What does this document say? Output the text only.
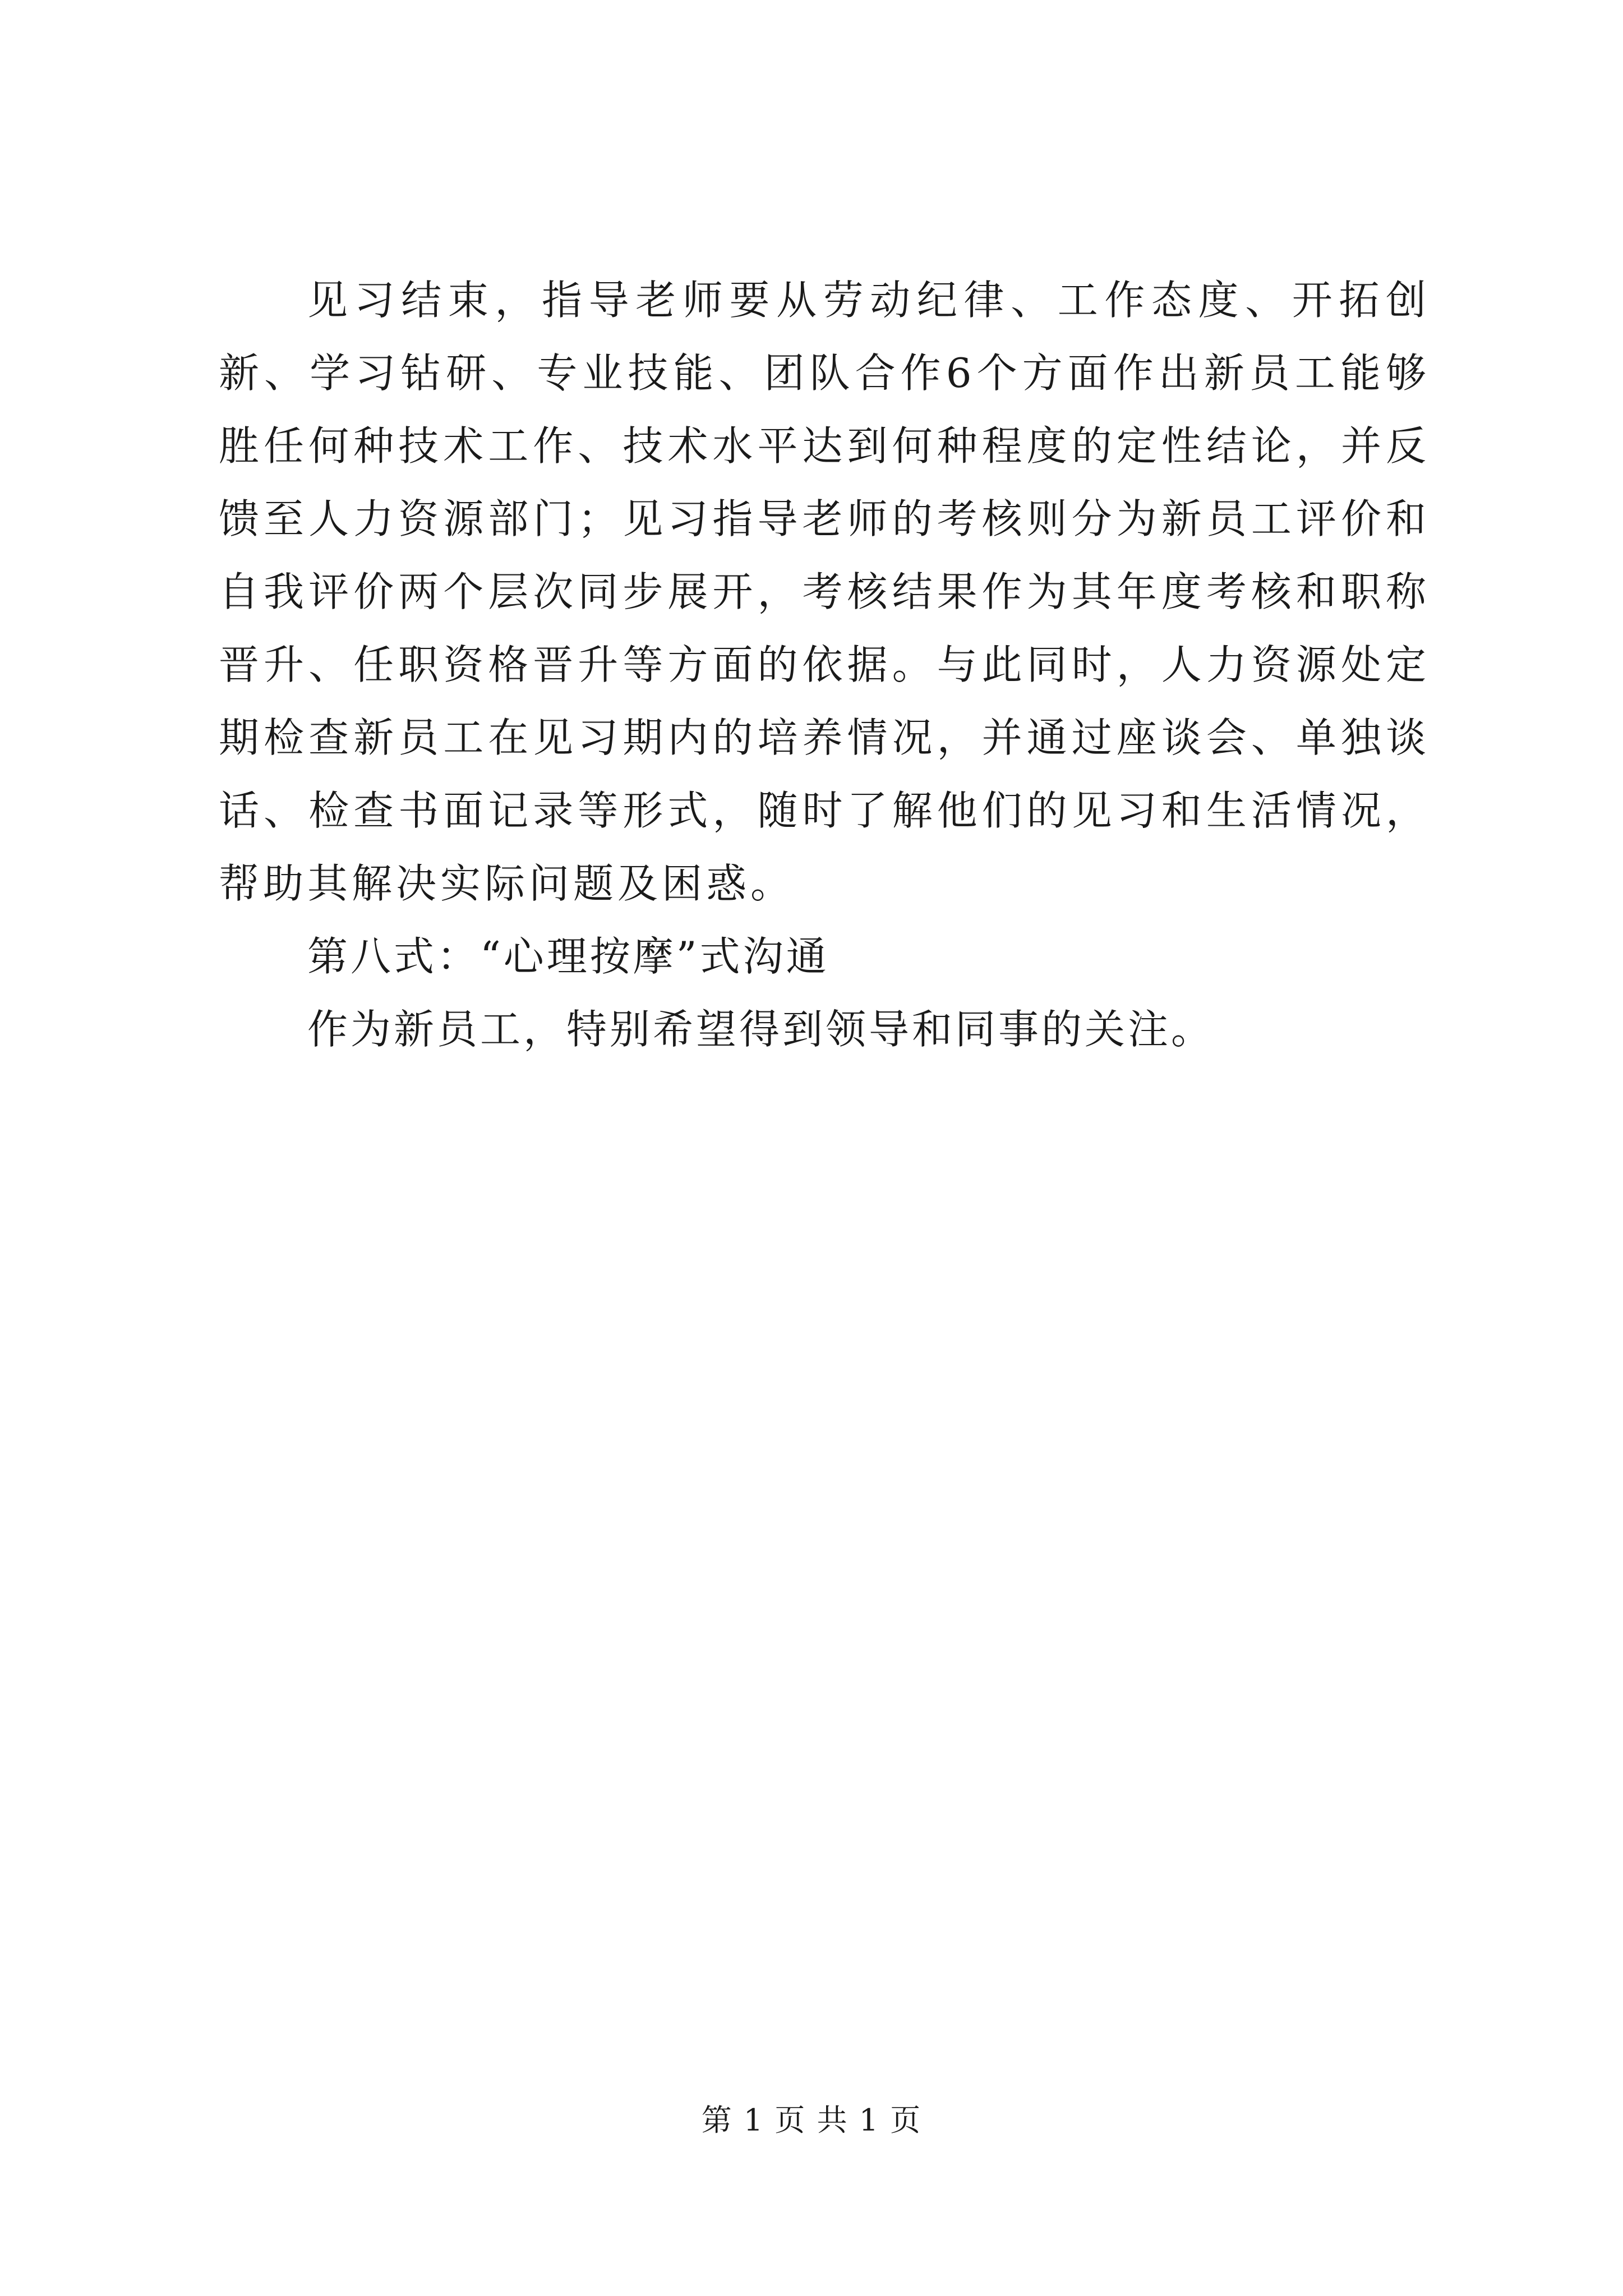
见习结束，指导老师要从劳动纪律、工作态度、开拓创新、学习钻研、专业技能、团队合作6个方面作出新员工能够胜任何种技术工作、技术水平达到何种程度的定性结论，并反馈至人力资源部门；见习指导老师的考核则分为新员工评价和自我评价两个层次同步展开，考核结果作为其年度考核和职称晋升、任职资格晋升等方面的依据。与此同时，人力资源处定期检查新员工在见习期内的培养情况，并通过座谈会、单独谈话、检查书面记录等形式，随时了解他们的见习和生活情况，帮助其解决实际问题及困惑。

第八式：“心理按摩”式沟通

作为新员工，特别希望得到领导和同事的关注。

第 1 页 共 1 页
